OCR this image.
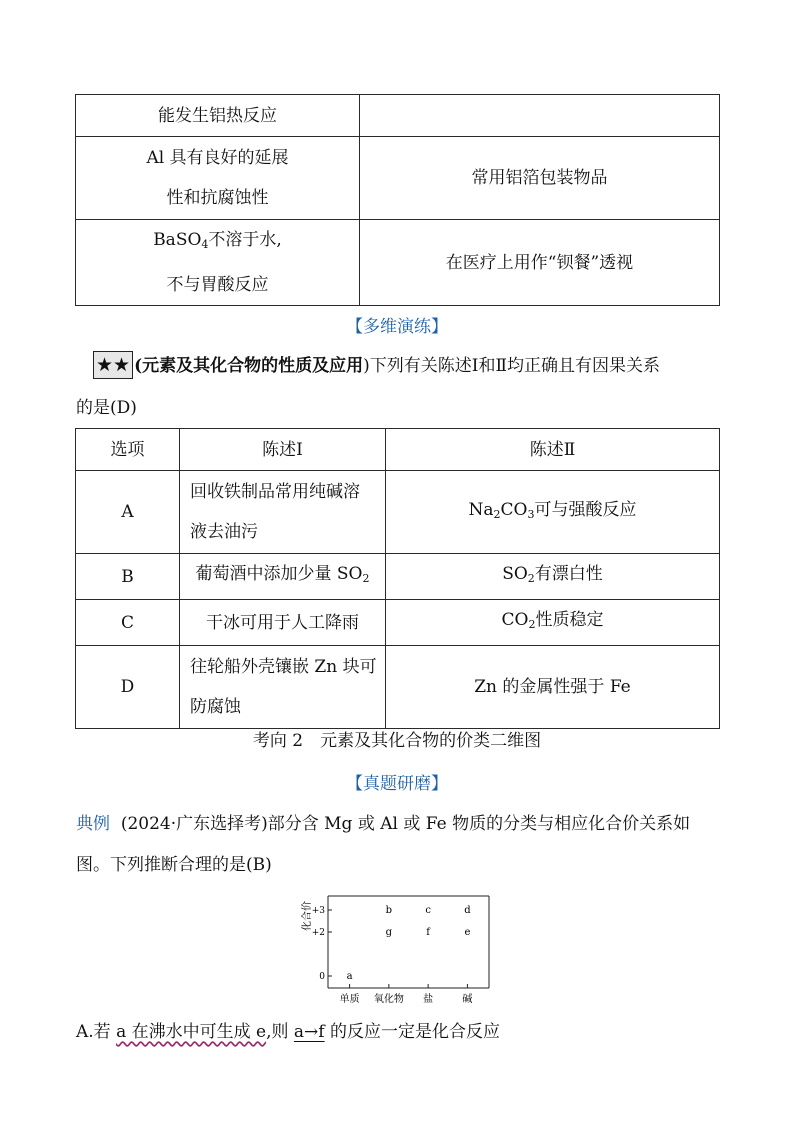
能发生铝热反应	

Al 具有良好的延展
性和抗腐蚀性	常用铝箔包装物品

BaSO$_4$不溶于水,
不与胃酸反应	在医疗上用作“钡餐”透视
【多维演练】
★★ (元素及其化合物的性质及应用)下列有关陈述Ⅰ和Ⅱ均正确且有因果关系
的是(D)
选项	陈述Ⅰ	陈述Ⅱ
A	回收铁制品常用纯碱溶
液去油污	$Na_2CO_3$可与强酸反应
B	葡萄酒中添加少量 $SO_2$	$SO_2$有漂白性
C	干冰可用于人工降雨	$CO_2$性质稳定
D	往轮船外壳镶嵌 Zn 块可
防腐蚀	Zn 的金属性强于 Fe
考向 2　元素及其化合物的价类二维图
【真题研磨】
典例 (2024·广东选择考)部分含 Mg 或 Al 或 Fe 物质的分类与相应化合价关系如
图。下列推断合理的是(B)
化合价
0
+2
+3
单质 氧化物 盐	碱
a
b	c	d
g	f	e
A.若 a 在沸水中可生成 e,则 a→f 的反应一定是化合反应
